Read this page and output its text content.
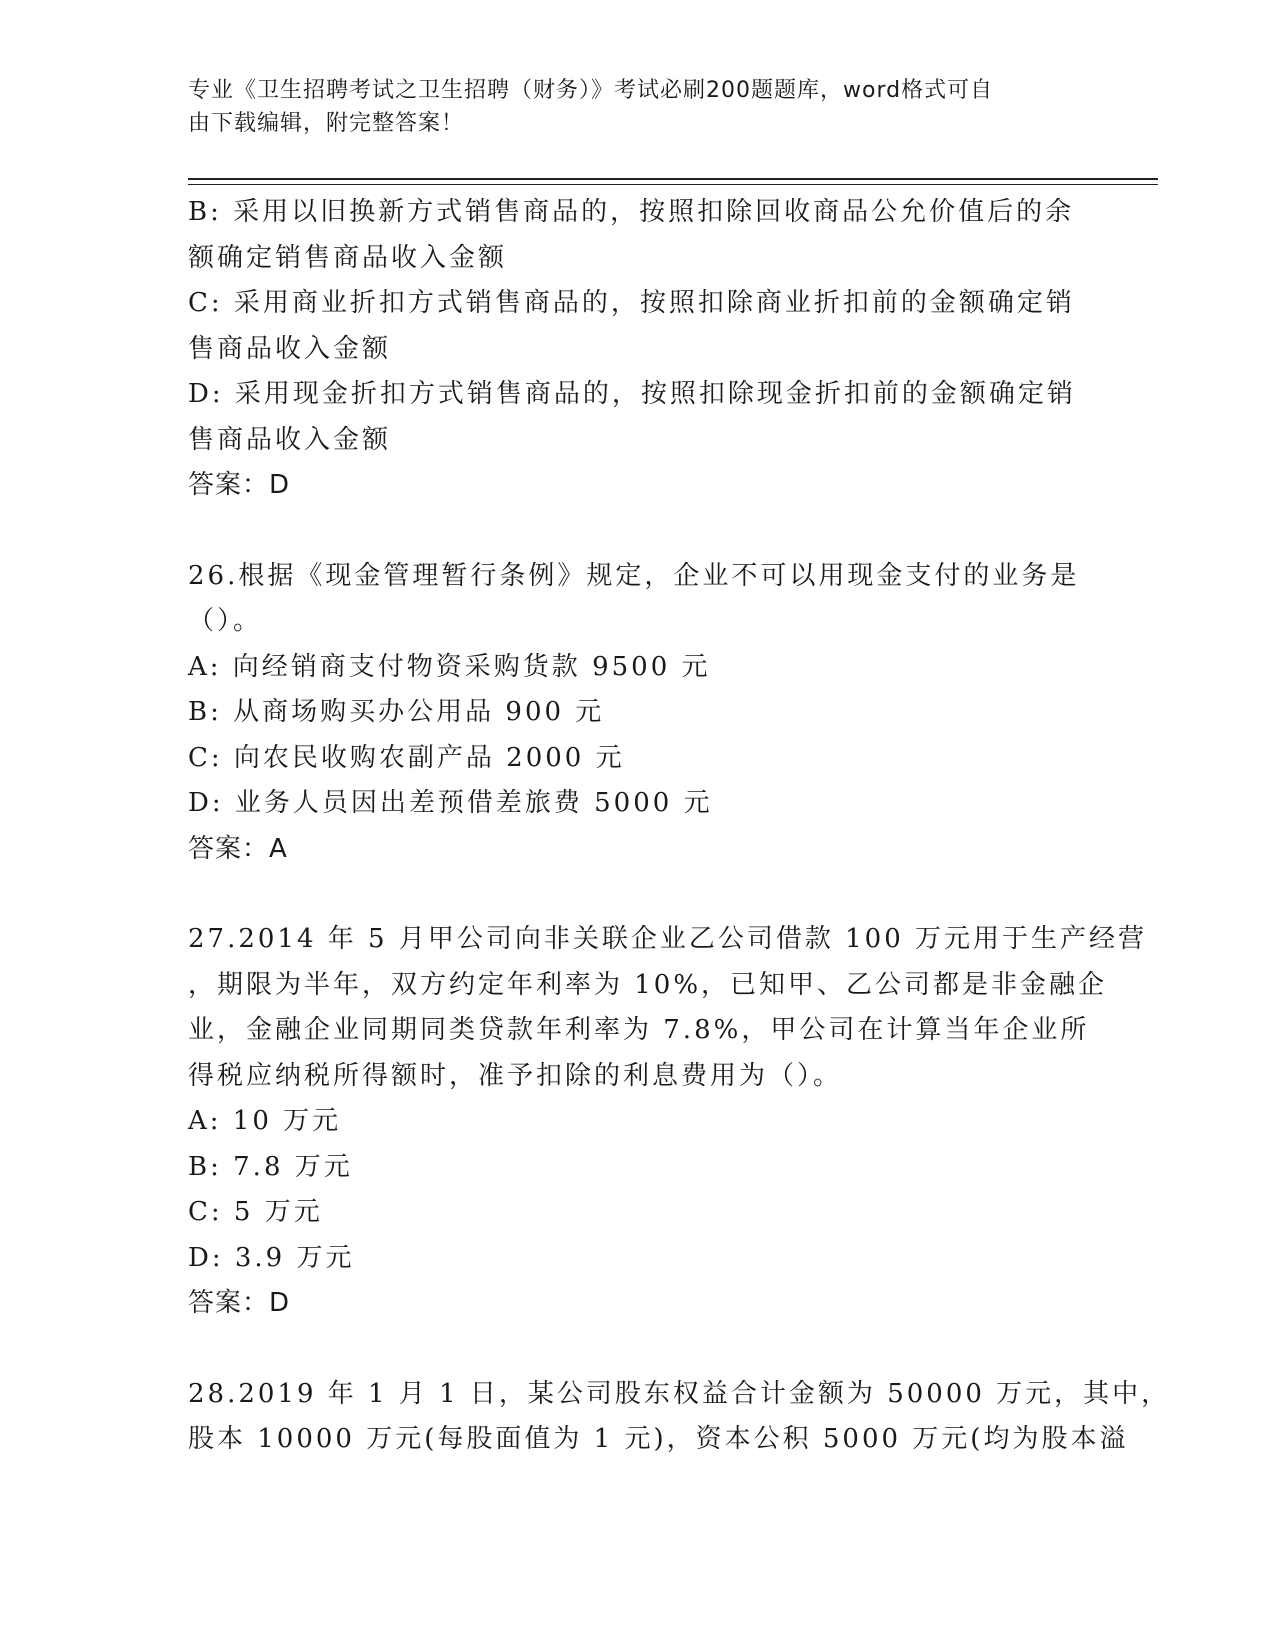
专业《卫生招聘考试之卫生招聘（财务）》考试必刷200题题库，word格式可自
由下载编辑，附完整答案！
B: 采用以旧换新方式销售商品的，按照扣除回收商品公允价值后的余
额确定销售商品收入金额
C: 采用商业折扣方式销售商品的，按照扣除商业折扣前的金额确定销
售商品收入金额
D: 采用现金折扣方式销售商品的，按照扣除现金折扣前的金额确定销
售商品收入金额
答案：D
26.根据《现金管理暂行条例》规定，企业不可以用现金支付的业务是
（）。
A: 向经销商支付物资采购货款 9500 元
B: 从商场购买办公用品 900 元
C: 向农民收购农副产品 2000 元
D: 业务人员因出差预借差旅费 5000 元
答案：A
27.2014 年 5 月甲公司向非关联企业乙公司借款 100 万元用于生产经营
，期限为半年，双方约定年利率为 10%，已知甲、乙公司都是非金融企
业，金融企业同期同类贷款年利率为 7.8%，甲公司在计算当年企业所
得税应纳税所得额时，准予扣除的利息费用为（）。
A: 10 万元
B: 7.8 万元
C: 5 万元
D: 3.9 万元
答案：D
28.2019 年 1 月 1 日，某公司股东权益合计金额为 50000 万元，其中，
股本 10000 万元(每股面值为 1 元)，资本公积 5000 万元(均为股本溢
